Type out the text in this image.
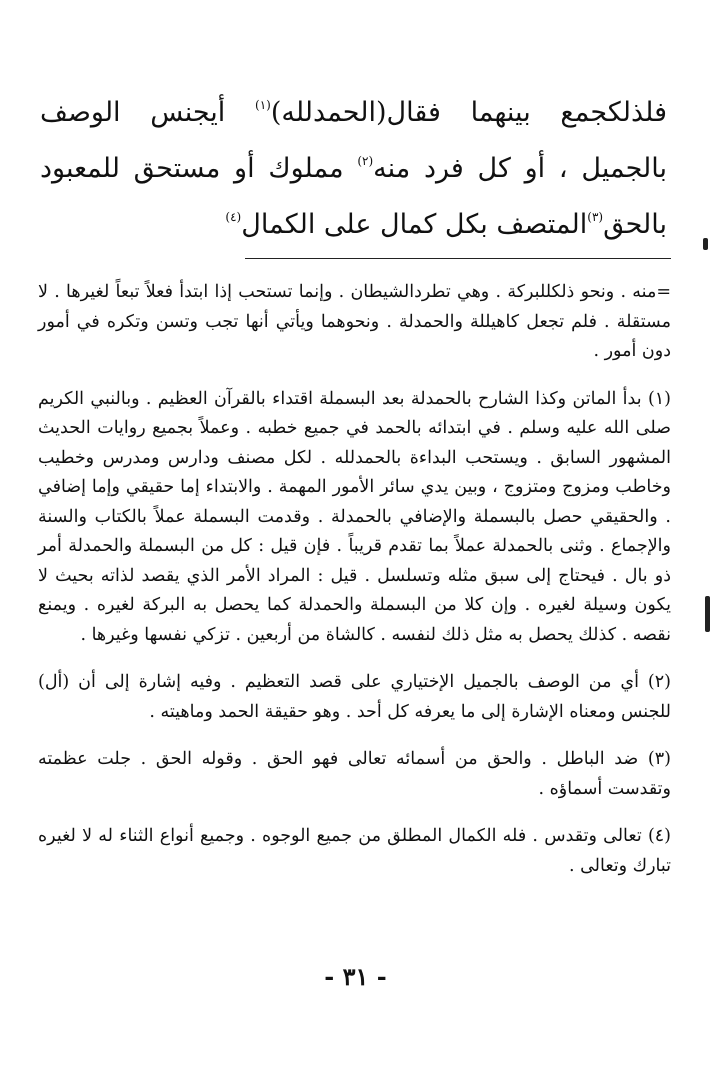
فلذلكجمع بينهما فقال(الحمدلله)$^{(١)}$ أيجنس الوصف بالجميل ، أو كل فرد منه$^{(٢)}$ مملوك أو مستحق للمعبود بالحق$^{(٣)}$المتصف بكل كمال على الكمال$^{(٤)}$

=منه . ونحو ذلكللبركة . وهي تطردالشيطان . وإنما تستحب إذا ابتدأ فعلاً تبعاً لغيرها . لا مستقلة . فلم تجعل كاهيللة والحمدلة . ونحوهما ويأتي أنها تجب وتسن وتكره في أمور دون أمور .

(١) بدأ الماتن وكذا الشارح بالحمدلة بعد البسملة اقتداء بالقرآن العظيم . وبالنبي الكريم صلى الله عليه وسلم . في ابتدائه بالحمد في جميع خطبه . وعملاً بجميع روايات الحديث المشهور السابق . ويستحب البداءة بالحمدلله . لكل مصنف ودارس ومدرس وخطيب وخاطب ومزوج ومتزوج ، وبين يدي سائر الأمور المهمة . والابتداء إما حقيقي وإما إضافي . والحقيقي حصل بالبسملة والإضافي بالحمدلة . وقدمت البسملة عملاً بالكتاب والسنة والإجماع . وثنى بالحمدلة عملاً بما تقدم قريباً . فإن قيل : كل من البسملة والحمدلة أمر ذو بال . فيحتاج إلى سبق مثله وتسلسل . قيل : المراد الأمر الذي يقصد لذاته بحيث لا يكون وسيلة لغيره . وإن كلا من البسملة والحمدلة كما يحصل به البركة لغيره . ويمنع نقصه . كذلك يحصل به مثل ذلك لنفسه . كالشاة من أربعين . تزكي نفسها وغيرها .

(٢) أي من الوصف بالجميل الإختياري على قصد التعظيم . وفيه إشارة إلى أن (أل) للجنس ومعناه الإشارة إلى ما يعرفه كل أحد . وهو حقيقة الحمد وماهيته .

(٣) ضد الباطل . والحق من أسمائه تعالى فهو الحق . وقوله الحق . جلت عظمته وتقدست أسماؤه .

(٤) تعالى وتقدس . فله الكمال المطلق من جميع الوجوه . وجميع أنواع الثناء له لا لغيره تبارك وتعالى .

- ٣١ -
